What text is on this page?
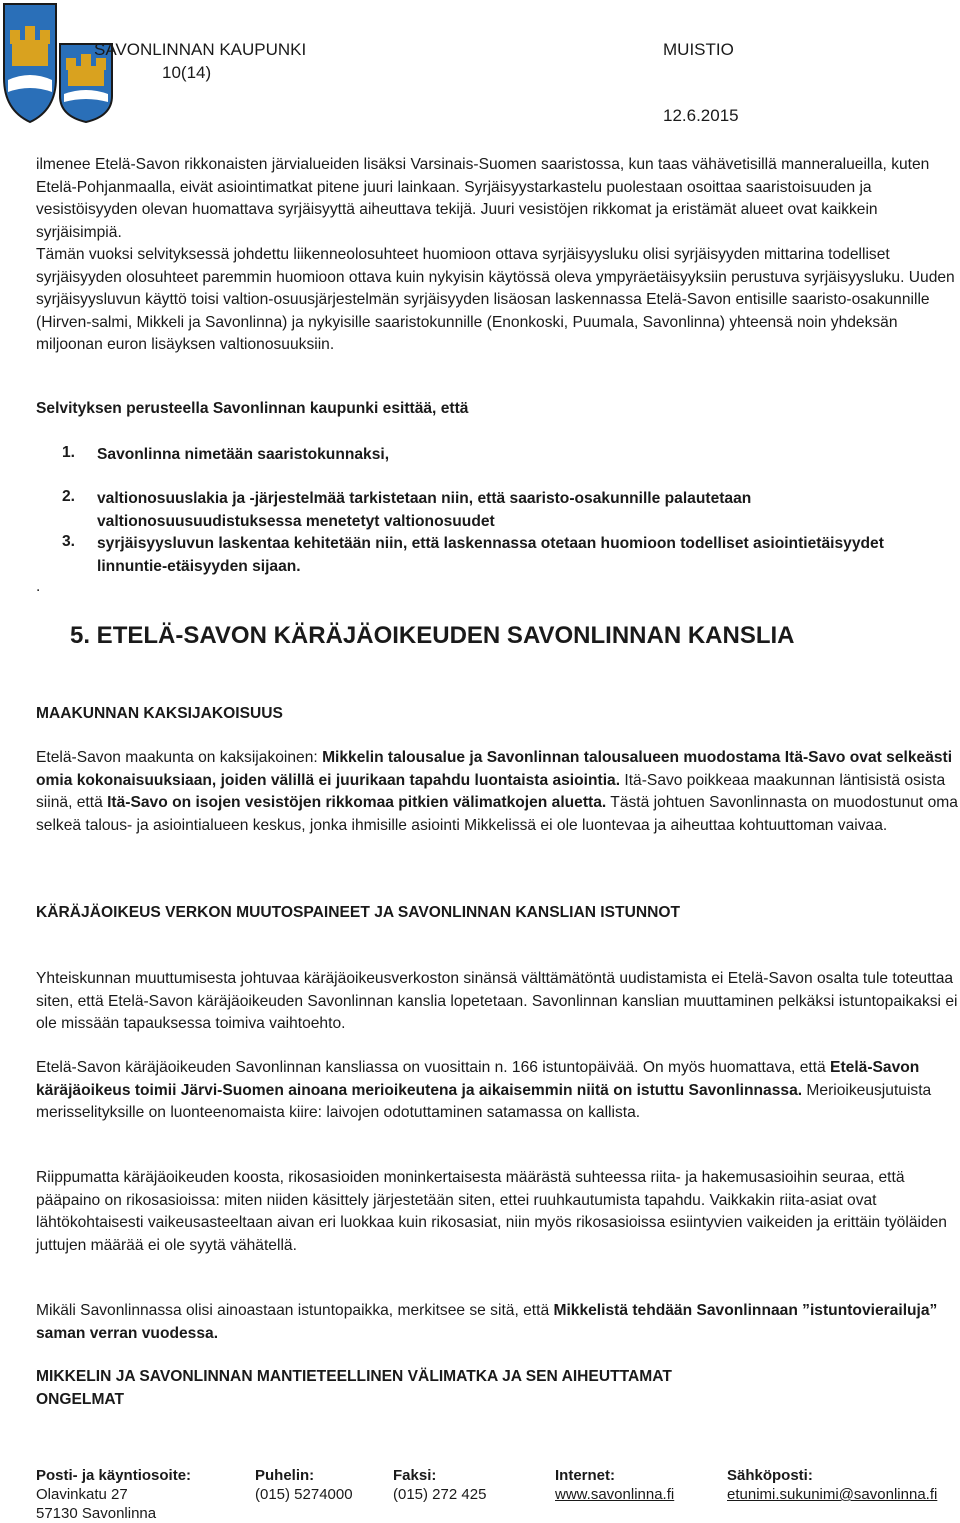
SAVONLINNAN KAUPUNKI	MUISTIO
10(14)
12.6.2015

ilmenee Etelä-Savon rikkonaisten järvialueiden lisäksi Varsinais-Suomen saaristossa, kun taas vähävetisillä manneralueilla, kuten Etelä-Pohjanmaalla, eivät asiointimatkat pitene juuri lainkaan. Syrjäisyystarkastelu puolestaan osoittaa saaristoisuuden ja vesistöisyyden olevan huomattava syrjäisyyttä aiheuttava tekijä. Juuri vesistöjen rikkomat ja eristämät alueet ovat kaikkein syrjäisimpiä.
Tämän vuoksi selvityksessä johdettu liikenneolosuhteet huomioon ottava syrjäisyysluku olisi syrjäisyyden mittarina todelliset syrjäisyyden olosuhteet paremmin huomioon ottava kuin nykyisin käytössä oleva ympyräetäisyyksiin perustuva syrjäisyysluku. Uuden syrjäisyysluvun käyttö toisi valtion-osuusjärjestelmän syrjäisyyden lisäosan laskennassa Etelä-Savon entisille saaristo-osakunnille (Hirven-salmi, Mikkeli ja Savonlinna) ja nykyisille saaristokunnille (Enonkoski, Puumala, Savonlinna) yhteensä noin yhdeksän miljoonan euron lisäyksen valtionosuuksiin.

Selvityksen perusteella Savonlinnan kaupunki esittää, että
1. Savonlinna nimetään saaristokunnaksi,
2. valtionosuuslakia ja -järjestelmää tarkistetaan niin, että saaristo-osakunnille palautetaan valtionosuusuudistuksessa menetetyt valtionosuudet
3. syrjäisyysluvun laskentaa kehitetään niin, että laskennassa otetaan huomioon todelliset asiointietäisyydet linnuntie-etäisyyden sijaan.
.
5. ETELÄ-SAVON KÄRÄJÄOIKEUDEN SAVONLINNAN KANSLIA
MAAKUNNAN KAKSIJAKOISUUS

Etelä-Savon maakunta on kaksijakoinen: Mikkelin talousalue ja Savonlinnan talousalueen muodostama Itä-Savo ovat selkeästi omia kokonaisuuksiaan, joiden välillä ei juurikaan tapahdu luontaista asiointia. Itä-Savo poikkeaa maakunnan läntisistä osista siinä, että Itä-Savo on isojen vesistöjen rikkomaa pitkien välimatkojen aluetta. Tästä johtuen Savonlinnasta on muodostunut oma selkeä talous- ja asiointialueen keskus, jonka ihmisille asiointi Mikkelissä ei ole luontevaa ja aiheuttaa kohtuuttoman vaivaa.

KÄRÄJÄOIKEUS VERKON MUUTOSPAINEET JA SAVONLINNAN KANSLIAN ISTUNNOT

Yhteiskunnan muuttumisesta johtuvaa käräjäoikeusverkoston sinänsä välttämätöntä uudistamista ei Etelä-Savon osalta tule toteuttaa siten, että Etelä-Savon käräjäoikeuden Savonlinnan kanslia lopetetaan. Savonlinnan kanslian muuttaminen pelkäksi istuntopaikaksi ei ole missään tapauksessa toimiva vaihtoehto.

Etelä-Savon käräjäoikeuden Savonlinnan kansliassa on vuosittain n. 166 istuntopäivää. On myös huomattava, että Etelä-Savon käräjäoikeus toimii Järvi-Suomen ainoana merioikeutena ja aikaisemmin niitä on istuttu Savonlinnassa. Merioikeusjutuista merisselityksille on luonteenomaista kiire: laivojen odotuttaminen satamassa on kallista.

Riippumatta käräjäoikeuden koosta, rikosasioiden moninkertaisesta määrästä suhteessa riita- ja hakemusasioihin seuraa, että pääpaino on rikosasioissa: miten niiden käsittely järjestetään siten, ettei ruuhkautumista tapahdu. Vaikkakin riita-asiat ovat lähtökohtaisesti vaikeusasteeltaan aivan eri luokkaa kuin rikosasiat, niin myös rikosasioissa esiintyvien vaikeiden ja erittäin työläiden juttujen määrää ei ole syytä vähätellä.

Mikäli Savonlinnassa olisi ainoastaan istuntopaikka, merkitsee se sitä, että Mikkelistä tehdään Savonlinnaan ”istuntovierailuja” saman verran vuodessa.

MIKKELIN JA SAVONLINNAN MANTIETEELLINEN VÄLIMATKA JA SEN AIHEUTTAMAT ONGELMAT
Posti- ja käyntiosoite:
Olavinkatu 27
57130 Savonlinna
Puhelin:
(015) 5274000
Faksi:
(015) 272 425
Internet:
www.savonlinna.fi
Sähköposti:
etunimi.sukunimi@savonlinna.fi
